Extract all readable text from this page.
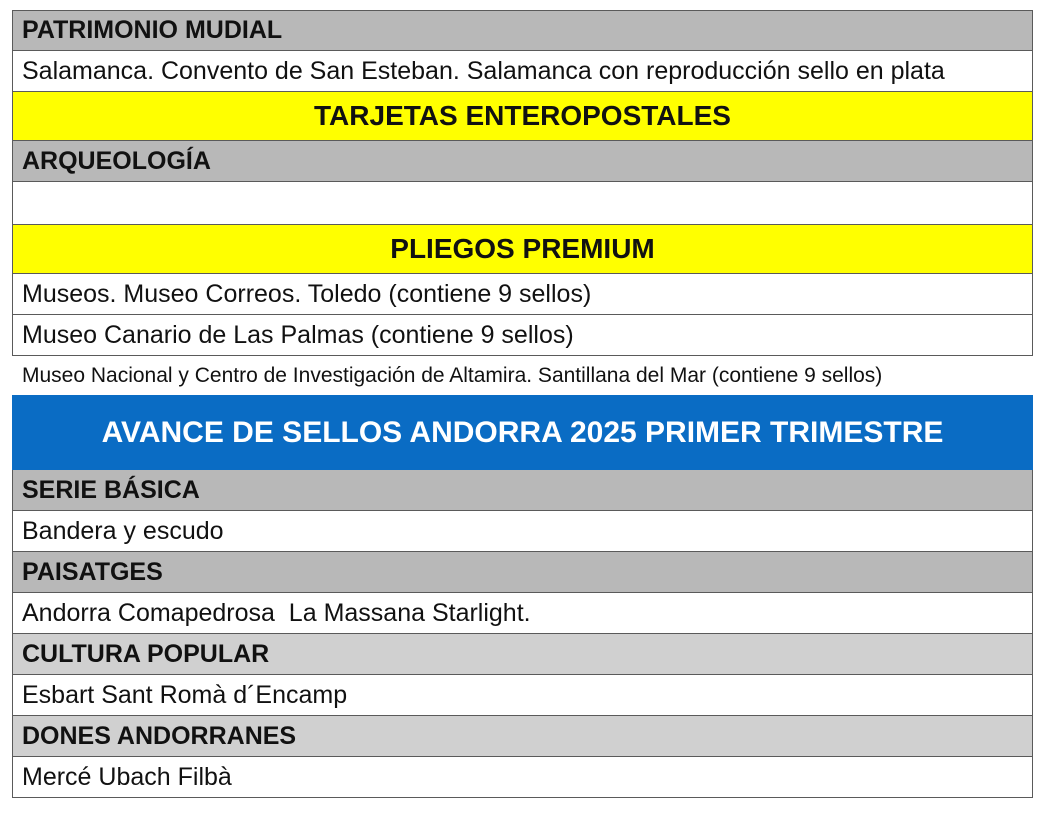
PATRIMONIO MUDIAL
Salamanca. Convento de San Esteban. Salamanca con reproducción sello en plata
TARJETAS ENTEROPOSTALES
ARQUEOLOGÍA
PLIEGOS PREMIUM
Museos. Museo Correos. Toledo (contiene 9 sellos)
Museo Canario de Las Palmas (contiene 9 sellos)
Museo Nacional y Centro de Investigación de Altamira. Santillana del Mar (contiene 9 sellos)
AVANCE DE SELLOS ANDORRA 2025 PRIMER TRIMESTRE
SERIE BÁSICA
Bandera y escudo
PAISATGES
Andorra Comapedrosa  La Massana Starlight.
CULTURA POPULAR
Esbart Sant Romà d´Encamp
DONES ANDORRANES
Mercé Ubach Filbà
